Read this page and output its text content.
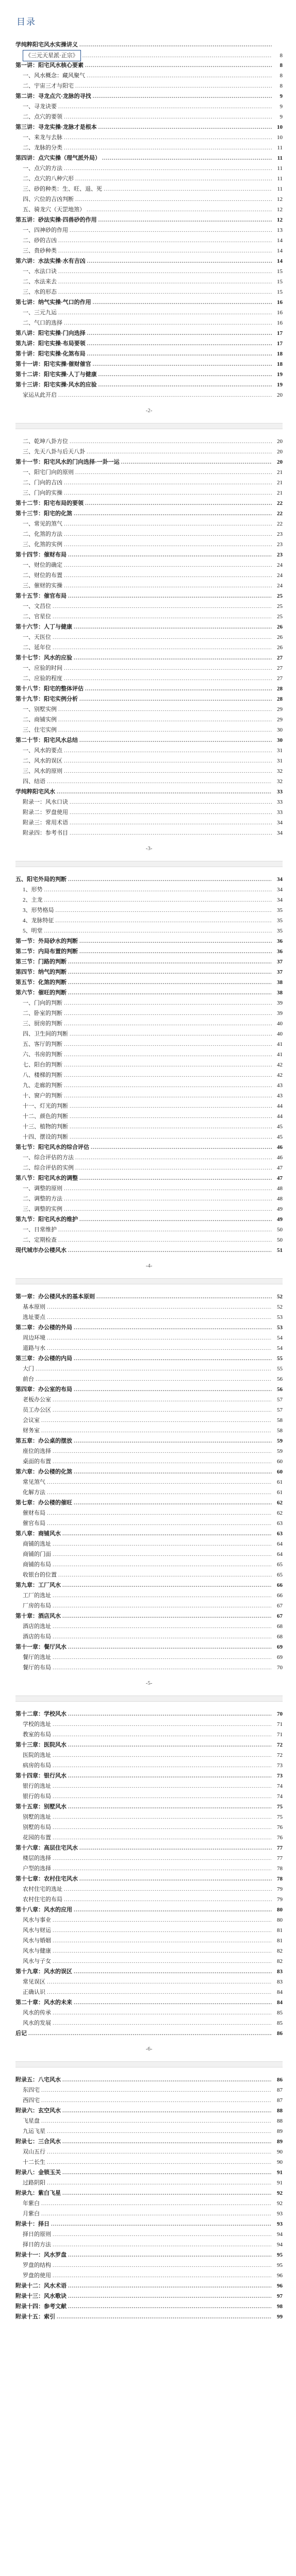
目录
学纯粹阳宅风水实操讲义
.....
《三元天星派·正宗》 .....	8
第一讲：阳宅风水核心要素 .....	8
一、风水概念：藏风聚气 .....	8
二、宇宙三才与阳宅 .....	8
第二讲：寻龙点穴·龙脉的寻找 .....	9
一、寻龙诀要 .....	9
二、点穴的要领 .....	9
第三讲：寻龙实操·龙脉才是根本 .....	10
一、来龙与去脉 .....	10
二、龙脉的分类 .....	11
第四讲：点穴实操（理气派外局） .....	11
一、点穴的方法 .....	11
二、点穴的八种穴形 .....	11
三、砂的种类：生、旺、退、死 .....	11
四、穴位的吉凶判断 .....	12
五、骑龙穴（天罡地煞） .....	12
第五讲：砂法实操·四兽砂的作用 .....	12
一、四神砂的作用 .....	13
二、砂的吉凶 .....	14
三、贵砂种类 .....	14
第六讲：水法实操·水有吉凶 .....	14
一、水法口诀 .....	15
二、水法来去 .....	15
三、水的形态 .....	15
第七讲：纳气实操·气口的作用 .....	16
一、三元九运 .....	16
二、气口的选择 .....	16
第八讲：阳宅实操·门向选择 .....	17
第九讲：阳宅实操·布局要领 .....	17
第十讲：阳宅实操·化煞布局 .....	18
第十一讲：阳宅实操·催财催官 .....	18
第十二讲：阳宅实操·人丁与健康 .....	19
第十三讲：阳宅实操·风水的应验 .....	19
家运从此开启 .....	20
-2-
二、乾坤八卦方位 .....	20
三、先天八卦与后天八卦 .....	20
第十一节：阳宅风水的门向选择·一卦一运 .....	20
一、阳宅门向的原则 .....	21
二、门向的吉凶 .....	21
三、门向的实操 .....	21
第十二节：阳宅布局的要领 .....	22
第十三节：阳宅的化煞 .....	22
一、常见的煞气 .....	22
二、化煞的方法 .....	23
三、化煞的实例 .....	23
第十四节：催财布局 .....	23
一、财位的确定 .....	24
二、财位的布置 .....	24
三、催财的实操 .....	24
第十五节：催官布局 .....	25
一、文昌位 .....	25
二、官星位 .....	25
第十六节：人丁与健康 .....	26
一、天医位 .....	26
二、延年位 .....	26
第十七节：风水的应验 .....	27
一、应验的时间 .....	27
二、应验的程度 .....	27
第十八节：阳宅的整体评估 .....	28
第十九节：阳宅实例分析 .....	28
一、别墅实例 .....	29
二、商铺实例 .....	29
三、住宅实例 .....	30
第二十节：阳宅风水总结 .....	30
一、风水的要点 .....	31
二、风水的误区 .....	31
三、风水的原则 .....	32
四、结语 .....	32
学纯粹阳宅风水 .....	33
附录一：风水口诀 .....	33
附录二：罗盘使用 .....	33
附录三：常用术语 .....	34
附录四：参考书目 .....	34
-3-
五、阳宅外局的判断 .....	34
1、形势 .....	34
2、主龙 .....	34
3、形势格局 .....	35
4、龙脉特征 .....	35
5、明堂 .....	35
第一节：外局砂水的判断 .....	36
第二节：内局布置的判断 .....	36
第三节：门路的判断 .....	37
第四节：纳气的判断 .....	37
第五节：化煞的判断 .....	38
第六节：催旺的判断 .....	38
一、门向的判断 .....	39
二、卧室的判断 .....	39
三、厨房的判断 .....	40
四、卫生间的判断 .....	40
五、客厅的判断 .....	41
六、书房的判断 .....	41
七、阳台的判断 .....	42
八、楼梯的判断 .....	42
九、走廊的判断 .....	43
十、窗户的判断 .....	43
十一、灯光的判断 .....	44
十二、颜色的判断 .....	44
十三、植物的判断 .....	45
十四、摆设的判断 .....	45
第七节：阳宅风水的综合评估 .....	46
一、综合评估的方法 .....	46
二、综合评估的实例 .....	47
第八节：阳宅风水的调整 .....	47
一、调整的原则 .....	48
二、调整的方法 .....	48
三、调整的实例 .....	49
第九节：阳宅风水的维护 .....	49
一、日常维护 .....	50
二、定期检查 .....	50
现代城市办公楼风水 .....	51
-4-
第一章：办公楼风水的基本原则 .....	52
基本原则 .....	52
选址要点 .....	53
第二章：办公楼的外局 .....	53
周边环境 .....	54
道路与水 .....	54
第三章：办公楼的内局 .....	55
大门 .....	55
前台 .....	56
第四章：办公室的布局 .....	56
老板办公室 .....	57
员工办公区 .....	57
会议室 .....	58
财务室 .....	58
第五章：办公桌的摆放 .....	59
座位的选择 .....	59
桌面的布置 .....	60
第六章：办公楼的化煞 .....	60
常见煞气 .....	61
化解方法 .....	61
第七章：办公楼的催旺 .....	62
催财布局 .....	62
催官布局 .....	63
第八章：商铺风水 .....	63
商铺的选址 .....	64
商铺的门面 .....	64
商铺的布局 .....	65
收银台的位置 .....	65
第九章：工厂风水 .....	66
工厂的选址 .....	66
厂房的布局 .....	67
第十章：酒店风水 .....	67
酒店的选址 .....	68
酒店的布局 .....	68
第十一章：餐厅风水 .....	69
餐厅的选址 .....	69
餐厅的布局 .....	70
-5-
第十二章：学校风水 .....	70
学校的选址 .....	71
教室的布局 .....	71
第十三章：医院风水 .....	72
医院的选址 .....	72
病房的布局 .....	73
第十四章：银行风水 .....	73
银行的选址 .....	74
银行的布局 .....	74
第十五章：别墅风水 .....	75
别墅的选址 .....	75
别墅的布局 .....	76
花园的布置 .....	76
第十六章：高层住宅风水 .....	77
楼层的选择 .....	77
户型的选择 .....	78
第十七章：农村住宅风水 .....	78
农村住宅的选址 .....	79
农村住宅的布局 .....	79
第十八章：风水的应用 .....	80
风水与事业 .....	80
风水与财运 .....	81
风水与婚姻 .....	81
风水与健康 .....	82
风水与子女 .....	82
第十九章：风水的误区 .....	83
常见误区 .....	83
正确认识 .....	84
第二十章：风水的未来 .....	84
风水的传承 .....	85
风水的发展 .....	85
后记 .....	86
-6-
附录五：八宅风水 .....	86
东四宅 .....	87
西四宅 .....	87
附录六：玄空风水 .....	88
飞星盘 .....	88
九运飞星 .....	89
附录七：三合风水 .....	89
双山五行 .....	90
十二长生 .....	90
附录八：金锁玉关 .....	91
过路阴阳 .....	91
附录九：紫白飞星 .....	92
年紫白 .....	92
月紫白 .....	93
附录十：择日 .....	93
择日的原则 .....	94
择日的方法 .....	94
附录十一：风水罗盘 .....	95
罗盘的结构 .....	95
罗盘的使用 .....	96
附录十二：风水术语 .....	96
附录十三：风水歌诀 .....	97
附录十四：参考文献 .....	98
附录十五：索引 .....	99
